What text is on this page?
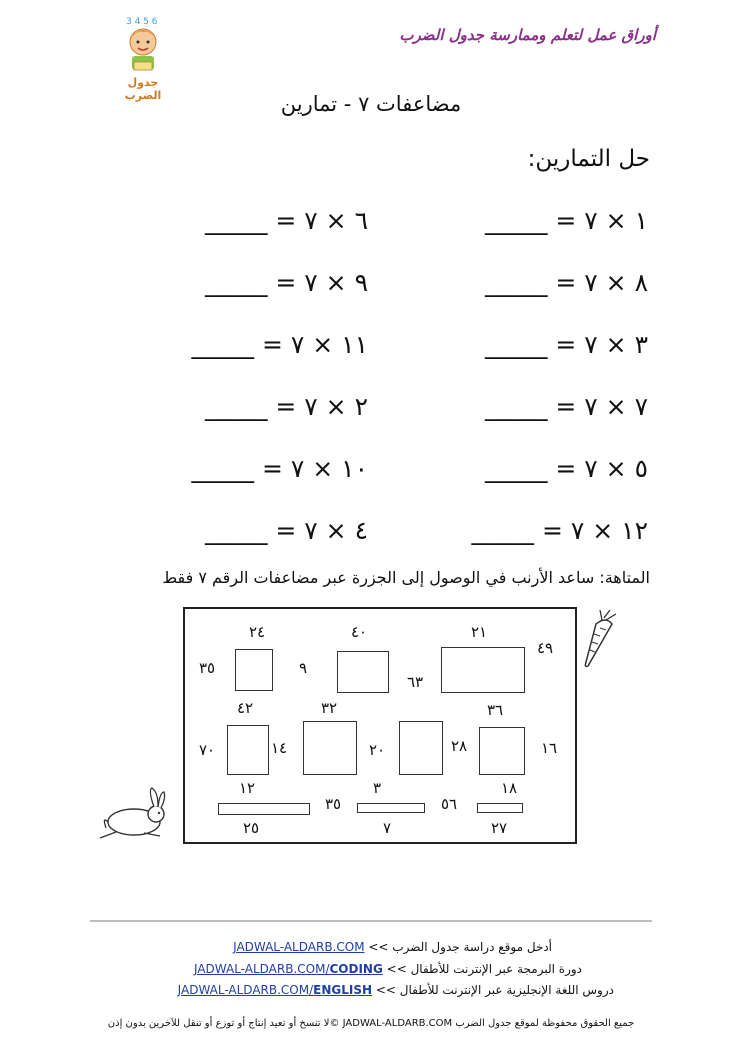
أوراق عمل لتعلم وممارسة جدول الضرب
3 4 5 6
جدول الضرب	مضاعفات ٧ - تمارين
حل التمارين:
١ × ٧ = _____
٨ × ٧ = _____
٣ × ٧ = _____
٧ × ٧ = _____
٥ × ٧ = _____
١٢ × ٧ = _____
٦ × ٧ = _____
٩ × ٧ = _____
١١ × ٧ = _____
٢ × ٧ = _____
١٠ × ٧ = _____
٤ × ٧ = _____
المتاهة: ساعد الأرنب في الوصول إلى الجزرة عبر مضاعفات الرقم ٧ فقط
٢٤	٤٠	٢١
٤٩
٣٥	٩
٦٣
٤٢	٣٢	٣٦
٧٠	١٤	٢٠	٢٨	١٦
١٢	٣	١٨
٣٥	٥٦
٢٥	٧	٢٧
أدخل موقع دراسة جدول الضرب >> JADWAL-ALDARB.COM
دورة البرمجة عبر الإنترنت للأطفال >> JADWAL-ALDARB.COM/CODING
دروس اللغة الإنجليزية عبر الإنترنت للأطفال >> JADWAL-ALDARB.COM/ENGLISH
جميع الحقوق محفوظة لموقع جدول الضرب JADWAL-ALDARB.COM ©لا تنسخ أو تعيد إنتاج أو توزع أو تنقل للآخرين بدون إذن
